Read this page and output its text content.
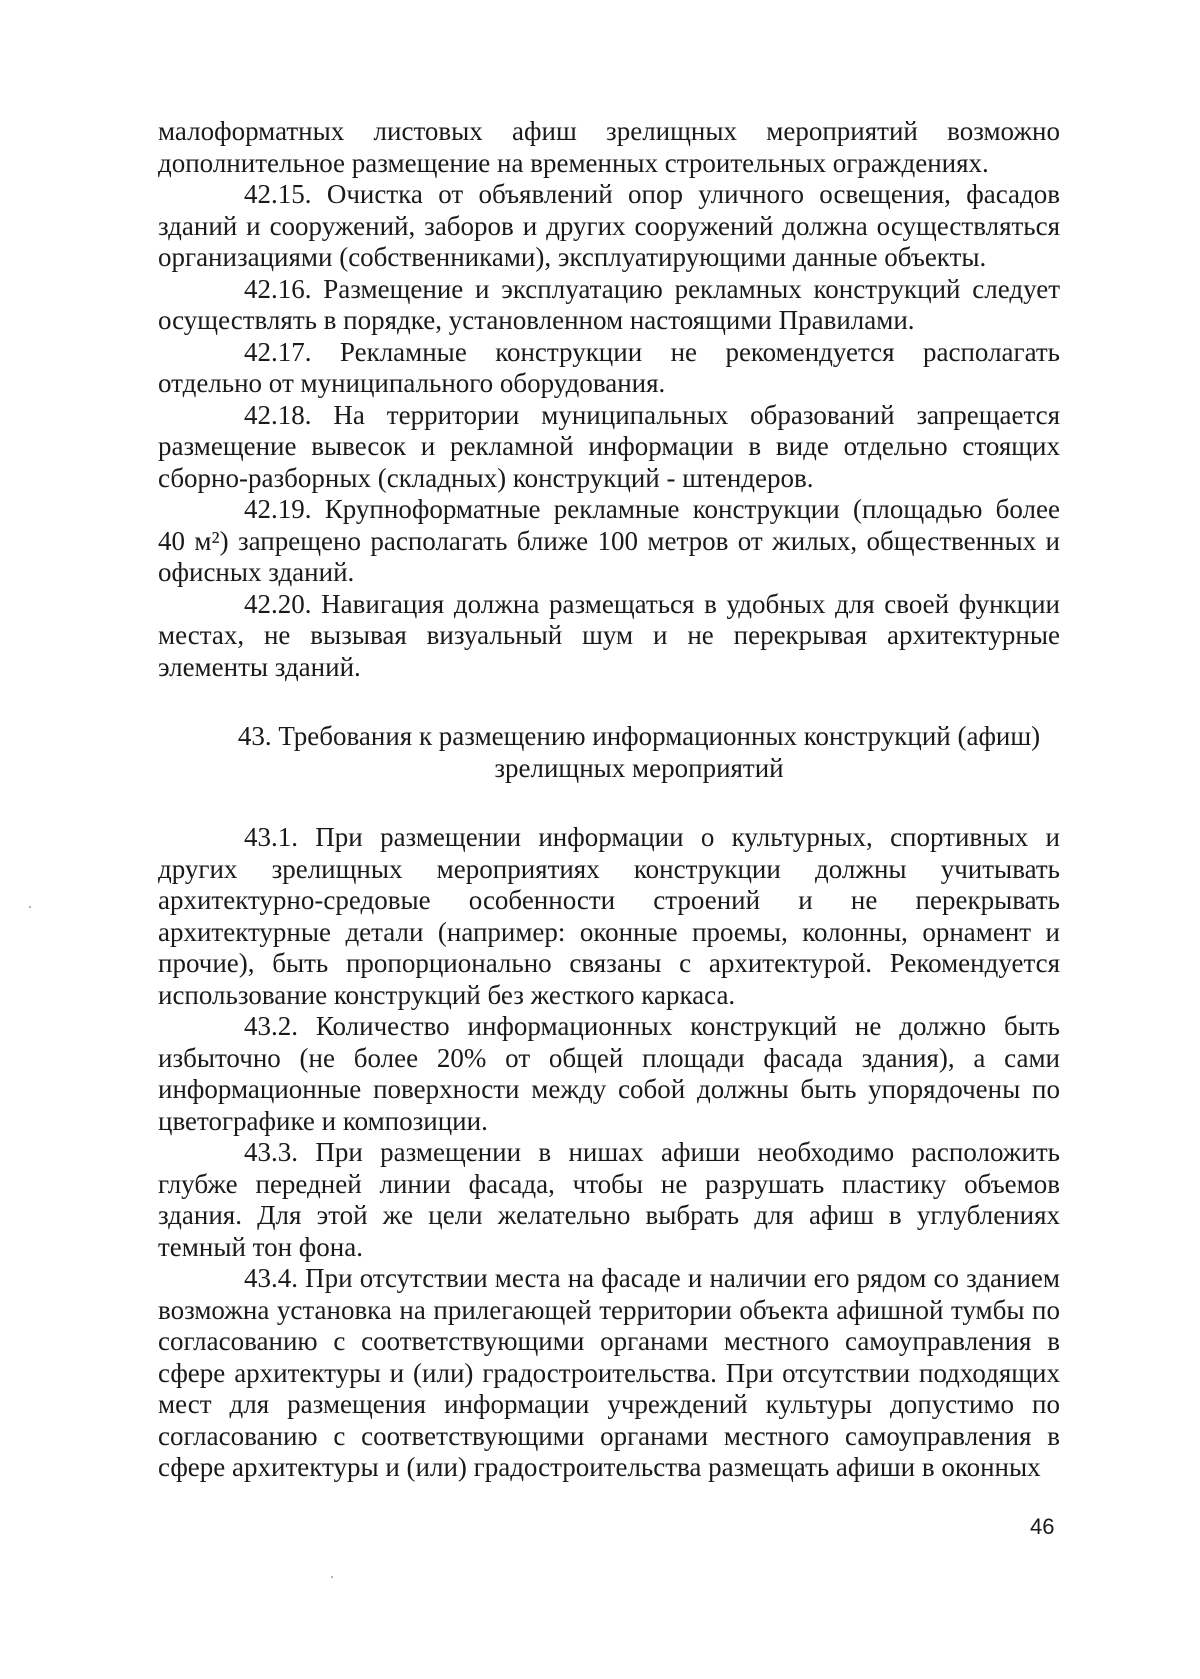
малоформатных листовых афиш зрелищных мероприятий возможно дополнительное размещение на временных строительных ограждениях.

42.15. Очистка от объявлений опор уличного освещения, фасадов зданий и сооружений, заборов и других сооружений должна осуществляться организациями (собственниками), эксплуатирующими данные объекты.

42.16. Размещение и эксплуатацию рекламных конструкций следует осуществлять в порядке, установленном настоящими Правилами.

42.17. Рекламные конструкции не рекомендуется располагать отдельно от муниципального оборудования.

42.18. На территории муниципальных образований запрещается размещение вывесок и рекламной информации в виде отдельно стоящих сборно-разборных (складных) конструкций - штендеров.

42.19. Крупноформатные рекламные конструкции (площадью более 40 м²) запрещено располагать ближе 100 метров от жилых, общественных и офисных зданий.

42.20. Навигация должна размещаться в удобных для своей функции местах, не вызывая визуальный шум и не перекрывая архитектурные элементы зданий.

43. Требования к размещению информационных конструкций (афиш)
зрелищных мероприятий

43.1. При размещении информации о культурных, спортивных и других зрелищных мероприятиях конструкции должны учитывать архитектурно-средовые особенности строений и не перекрывать архитектурные детали (например: оконные проемы, колонны, орнамент и прочие), быть пропорционально связаны с архитектурой. Рекомендуется использование конструкций без жесткого каркаса.

43.2. Количество информационных конструкций не должно быть избыточно (не более 20% от общей площади фасада здания), а сами информационные поверхности между собой должны быть упорядочены по цветографике и композиции.

43.3. При размещении в нишах афиши необходимо расположить глубже передней линии фасада, чтобы не разрушать пластику объемов здания. Для этой же цели желательно выбрать для афиш в углублениях темный тон фона.

43.4. При отсутствии места на фасаде и наличии его рядом со зданием возможна установка на прилегающей территории объекта афишной тумбы по согласованию с соответствующими органами местного самоуправления в сфере архитектуры и (или) градостроительства. При отсутствии подходящих мест для размещения информации учреждений культуры допустимо по согласованию с соответствующими органами местного самоуправления в сфере архитектуры и (или) градостроительства размещать афиши в оконных

46
